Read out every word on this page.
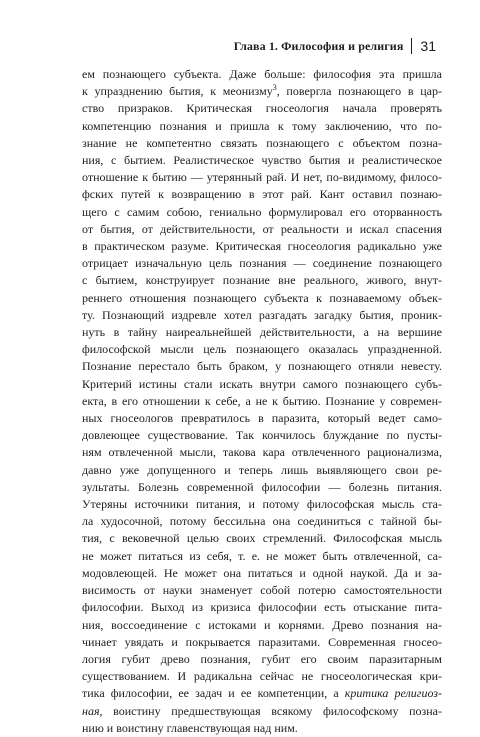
Глава 1. Философия и религия 31
ем познающего субъекта. Даже больше: философия эта пришла
к упразднению бытия, к меонизму$^3$, повергла познающего в цар-
ство призраков. Критическая гносеология начала проверять
компетенцию познания и пришла к тому заключению, что по-
знание не компетентно связать познающего с объектом позна-
ния, с бытием. Реалистическое чувство бытия и реалистическое
отношение к бытию — утерянный рай. И нет, по-видимому, филосо-
фских путей к возвращению в этот рай. Кант оставил познаю-
щего с самим собою, гениально формулировал его оторванность
от бытия, от действительности, от реальности и искал спасения
в практическом разуме. Критическая гносеология радикально уже
отрицает изначальную цель познания — соединение познающего
с бытием, конструирует познание вне реального, живого, внут-
реннего отношения познающего субъекта к познаваемому объек-
ту. Познающий издревле хотел разгадать загадку бытия, проник-
нуть в тайну наиреальнейшей действительности, а на вершине
философской мысли цель познающего оказалась упраздненной.
Познание перестало быть браком, у познающего отняли невесту.
Критерий истины стали искать внутри самого познающего субъ-
екта, в его отношении к себе, а не к бытию. Познание у современ-
ных гносеологов превратилось в паразита, который ведет само-
довлеющее существование. Так кончилось блуждание по пусты-
ням отвлеченной мысли, такова кара отвлеченного рационализма,
давно уже допущенного и теперь лишь выявляющего свои ре-
зультаты. Болезнь современной философии — болезнь питания.
Утеряны источники питания, и потому философская мысль ста-
ла худосочной, потому бессильна она соединиться с тайной бы-
тия, с вековечной целью своих стремлений. Философская мысль
не может питаться из себя, т. е. не может быть отвлеченной, са-
модовлеющей. Не может она питаться и одной наукой. Да и за-
висимость от науки знаменует собой потерю самостоятельности
философии. Выход из кризиса философии есть отыскание пита-
ния, воссоединение с истоками и корнями. Древо познания на-
чинает увядать и покрывается паразитами. Современная гносео-
логия губит древо познания, губит его своим паразитарным
существованием. И радикальна сейчас не гносеологическая кри-
тика философии, ее задач и ее компетенции, а критика религиоз-
ная, воистину предшествующая всякому философскому позна-
нию и воистину главенствующая над ним.
